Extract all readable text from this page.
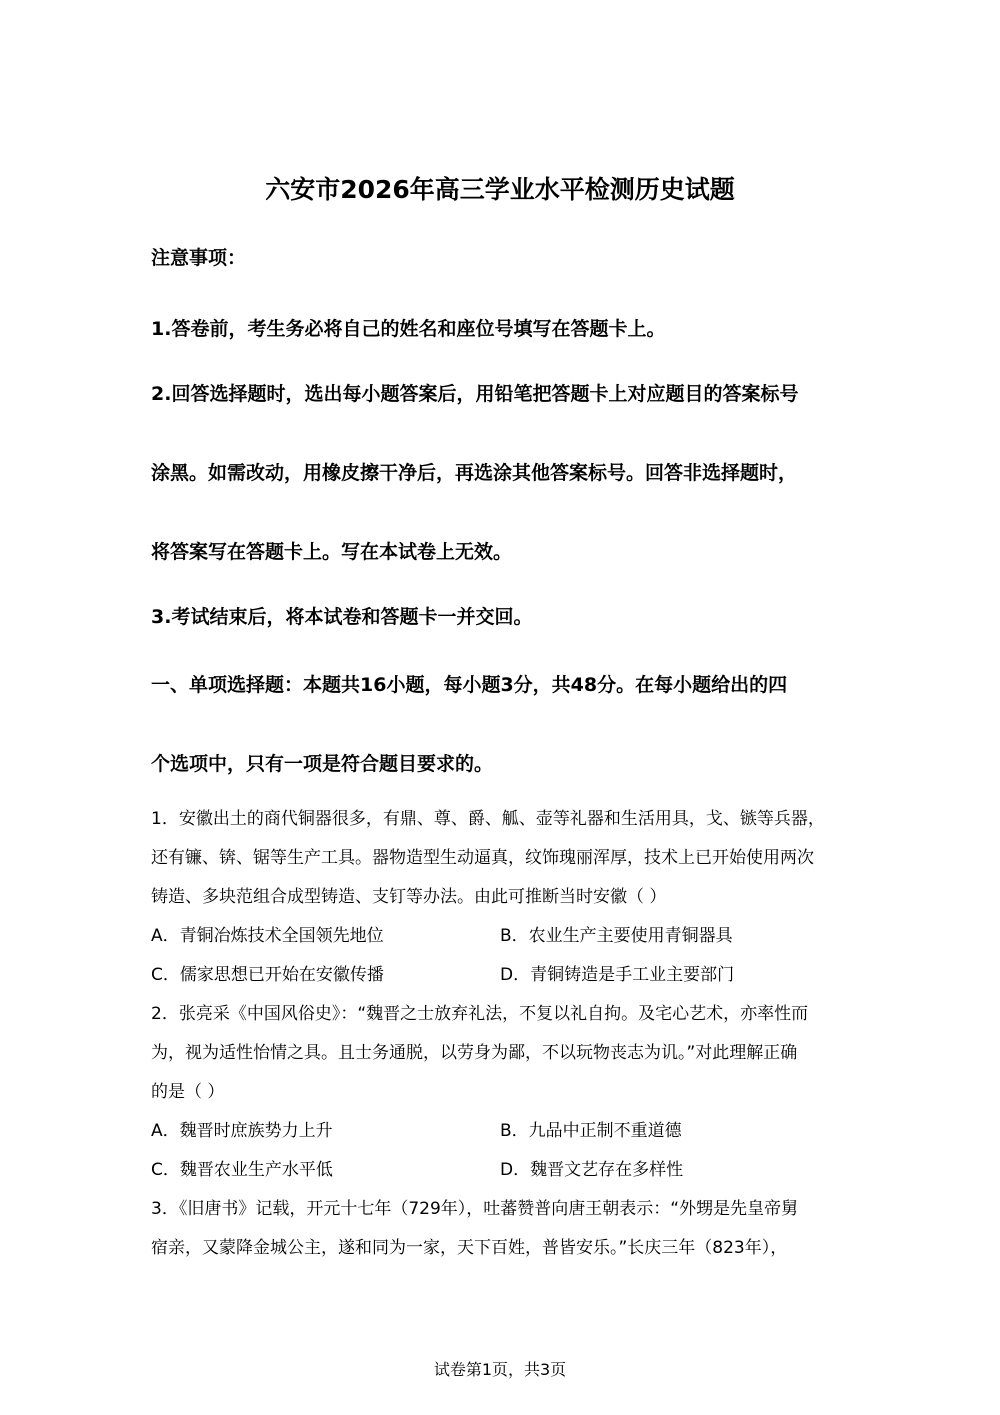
六安市2026年高三学业水平检测历史试题
注意事项：
1.答卷前，考生务必将自己的姓名和座位号填写在答题卡上。
2.回答选择题时，选出每小题答案后，用铅笔把答题卡上对应题目的答案标号
涂黑。如需改动，用橡皮擦干净后，再选涂其他答案标号。回答非选择题时，
将答案写在答题卡上。写在本试卷上无效。
3.考试结束后，将本试卷和答题卡一并交回。
一、单项选择题：本题共16小题，每小题3分，共48分。在每小题给出的四
个选项中，只有一项是符合题目要求的。
1．安徽出土的商代铜器很多，有鼎、尊、爵、觚、壶等礼器和生活用具，戈、镞等兵器，
还有镰、锛、锯等生产工具。器物造型生动逼真，纹饰瑰丽浑厚，技术上已开始使用两次
铸造、多块范组合成型铸造、支钉等办法。由此可推断当时安徽（ ）
A．青铜冶炼技术全国领先地位	B．农业生产主要使用青铜器具
C．儒家思想已开始在安徽传播	D．青铜铸造是手工业主要部门
2．张亮采《中国风俗史》：“魏晋之士放弃礼法，不复以礼自拘。及宅心艺术，亦率性而
为，视为适性怡情之具。且士务通脱，以劳身为鄙，不以玩物丧志为讥。”对此理解正确
的是（ ）
A．魏晋时庶族势力上升	B．九品中正制不重道德
C．魏晋农业生产水平低	D．魏晋文艺存在多样性
3．《旧唐书》记载，开元十七年（729年），吐蕃赞普向唐王朝表示：“外甥是先皇帝舅
宿亲，又蒙降金城公主，遂和同为一家，天下百姓，普皆安乐。”长庆三年（823年），
试卷第1页，共3页
